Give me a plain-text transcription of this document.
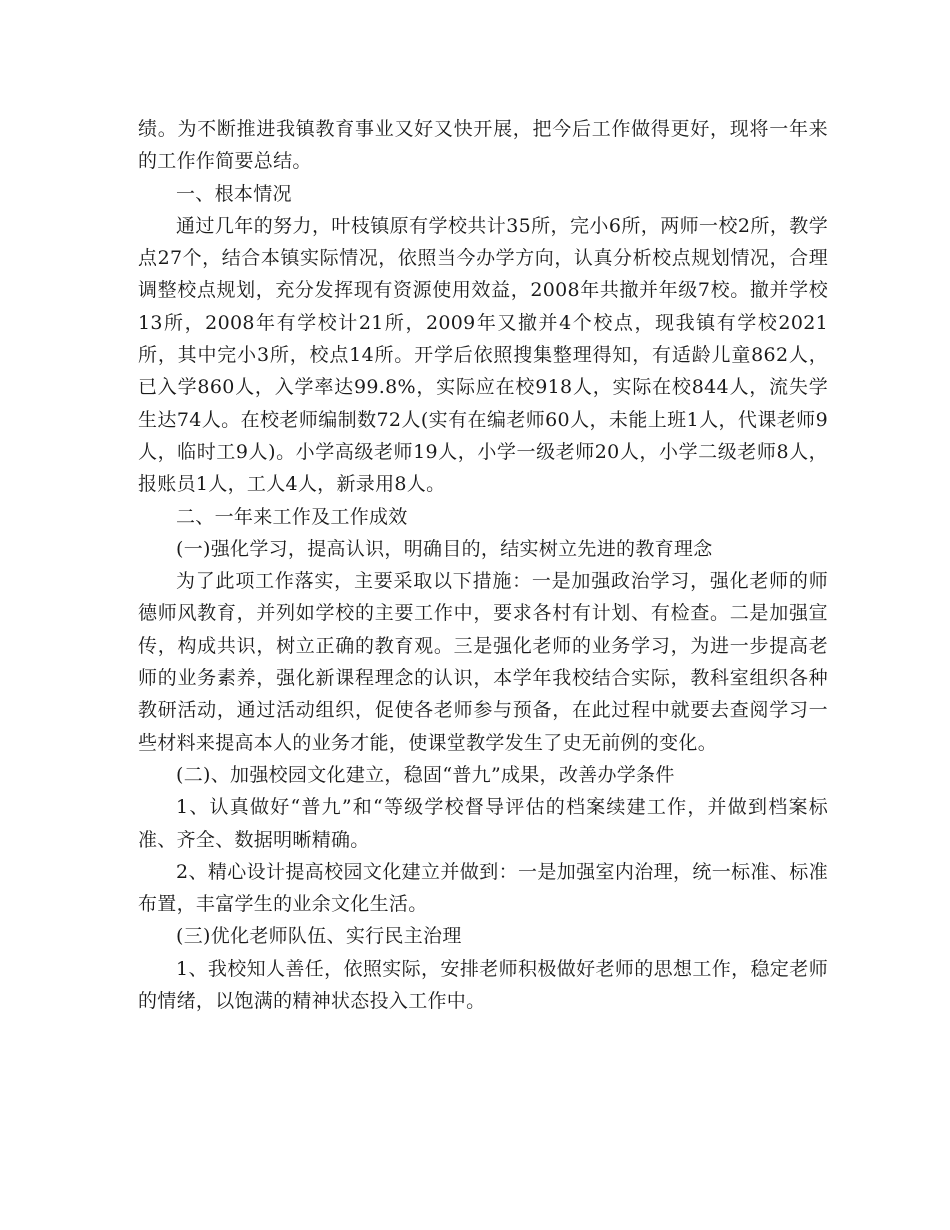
绩。为不断推进我镇教育事业又好又快开展，把今后工作做得更好，现将一年来的工作作简要总结。

一、根本情况

通过几年的努力，叶枝镇原有学校共计35所，完小6所，两师一校2所，教学点27个，结合本镇实际情况，依照当今办学方向，认真分析校点规划情况，合理调整校点规划，充分发挥现有资源使用效益，2008年共撤并年级7校。撤并学校13所，2008年有学校计21所，2009年又撤并4个校点，现我镇有学校2021所，其中完小3所，校点14所。开学后依照搜集整理得知，有适龄儿童862人，已入学860人，入学率达99.8%，实际应在校918人，实际在校844人，流失学生达74人。在校老师编制数72人(实有在编老师60人，未能上班1人，代课老师9人，临时工9人)。小学高级老师19人，小学一级老师20人，小学二级老师8人，报账员1人，工人4人，新录用8人。

二、一年来工作及工作成效

(一)强化学习，提高认识，明确目的，结实树立先进的教育理念

为了此项工作落实，主要采取以下措施：一是加强政治学习，强化老师的师德师风教育，并列如学校的主要工作中，要求各村有计划、有检查。二是加强宣传，构成共识，树立正确的教育观。三是强化老师的业务学习，为进一步提高老师的业务素养，强化新课程理念的认识，本学年我校结合实际，教科室组织各种教研活动，通过活动组织，促使各老师参与预备，在此过程中就要去查阅学习一些材料来提高本人的业务才能，使课堂教学发生了史无前例的变化。

(二)、加强校园文化建立，稳固“普九”成果，改善办学条件

1、认真做好“普九”和“等级学校督导评估的档案续建工作，并做到档案标准、齐全、数据明晰精确。

2、精心设计提高校园文化建立并做到：一是加强室内治理，统一标准、标准布置，丰富学生的业余文化生活。

(三)优化老师队伍、实行民主治理

1、我校知人善任，依照实际，安排老师积极做好老师的思想工作，稳定老师的情绪，以饱满的精神状态投入工作中。
